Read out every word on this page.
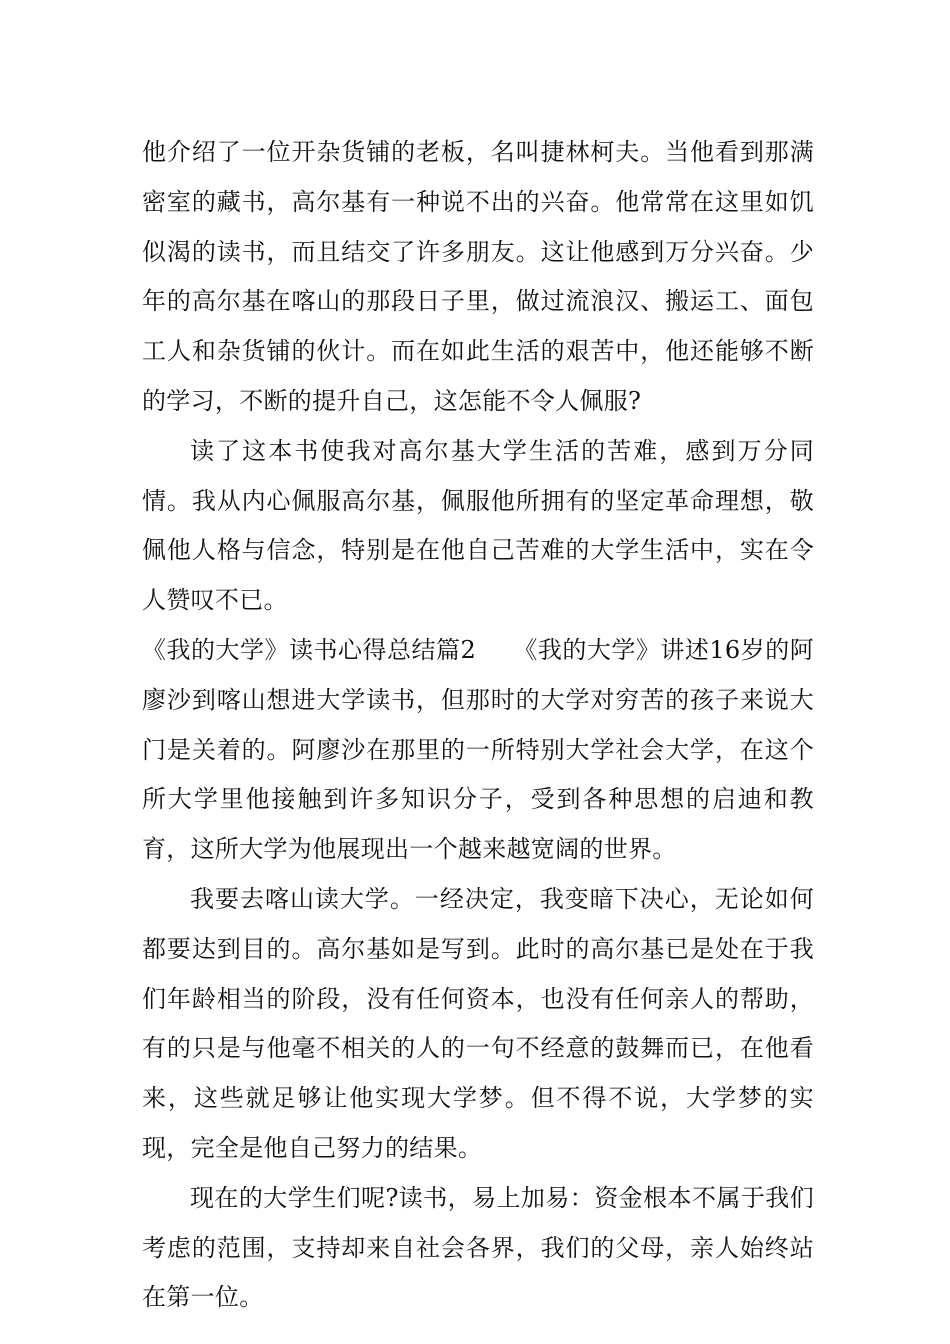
他介绍了一位开杂货铺的老板，名叫捷林柯夫。当他看到那满密室的藏书，高尔基有一种说不出的兴奋。他常常在这里如饥似渴的读书，而且结交了许多朋友。这让他感到万分兴奋。少年的高尔基在喀山的那段日子里，做过流浪汉、搬运工、面包工人和杂货铺的伙计。而在如此生活的艰苦中，他还能够不断的学习，不断的提升自己，这怎能不令人佩服?

读了这本书使我对高尔基大学生活的苦难，感到万分同情。我从内心佩服高尔基，佩服他所拥有的坚定革命理想，敬佩他人格与信念，特别是在他自己苦难的大学生活中，实在令人赞叹不已。

《我的大学》读书心得总结篇2　　《我的大学》讲述16岁的阿廖沙到喀山想进大学读书，但那时的大学对穷苦的孩子来说大门是关着的。阿廖沙在那里的一所特别大学社会大学，在这个所大学里他接触到许多知识分子，受到各种思想的启迪和教育，这所大学为他展现出一个越来越宽阔的世界。

我要去喀山读大学。一经决定，我变暗下决心，无论如何都要达到目的。高尔基如是写到。此时的高尔基已是处在于我们年龄相当的阶段，没有任何资本，也没有任何亲人的帮助，有的只是与他毫不相关的人的一句不经意的鼓舞而已，在他看来，这些就足够让他实现大学梦。但不得不说，大学梦的实现，完全是他自己努力的结果。

现在的大学生们呢?读书，易上加易：资金根本不属于我们考虑的范围，支持却来自社会各界，我们的父母，亲人始终站在第一位。
